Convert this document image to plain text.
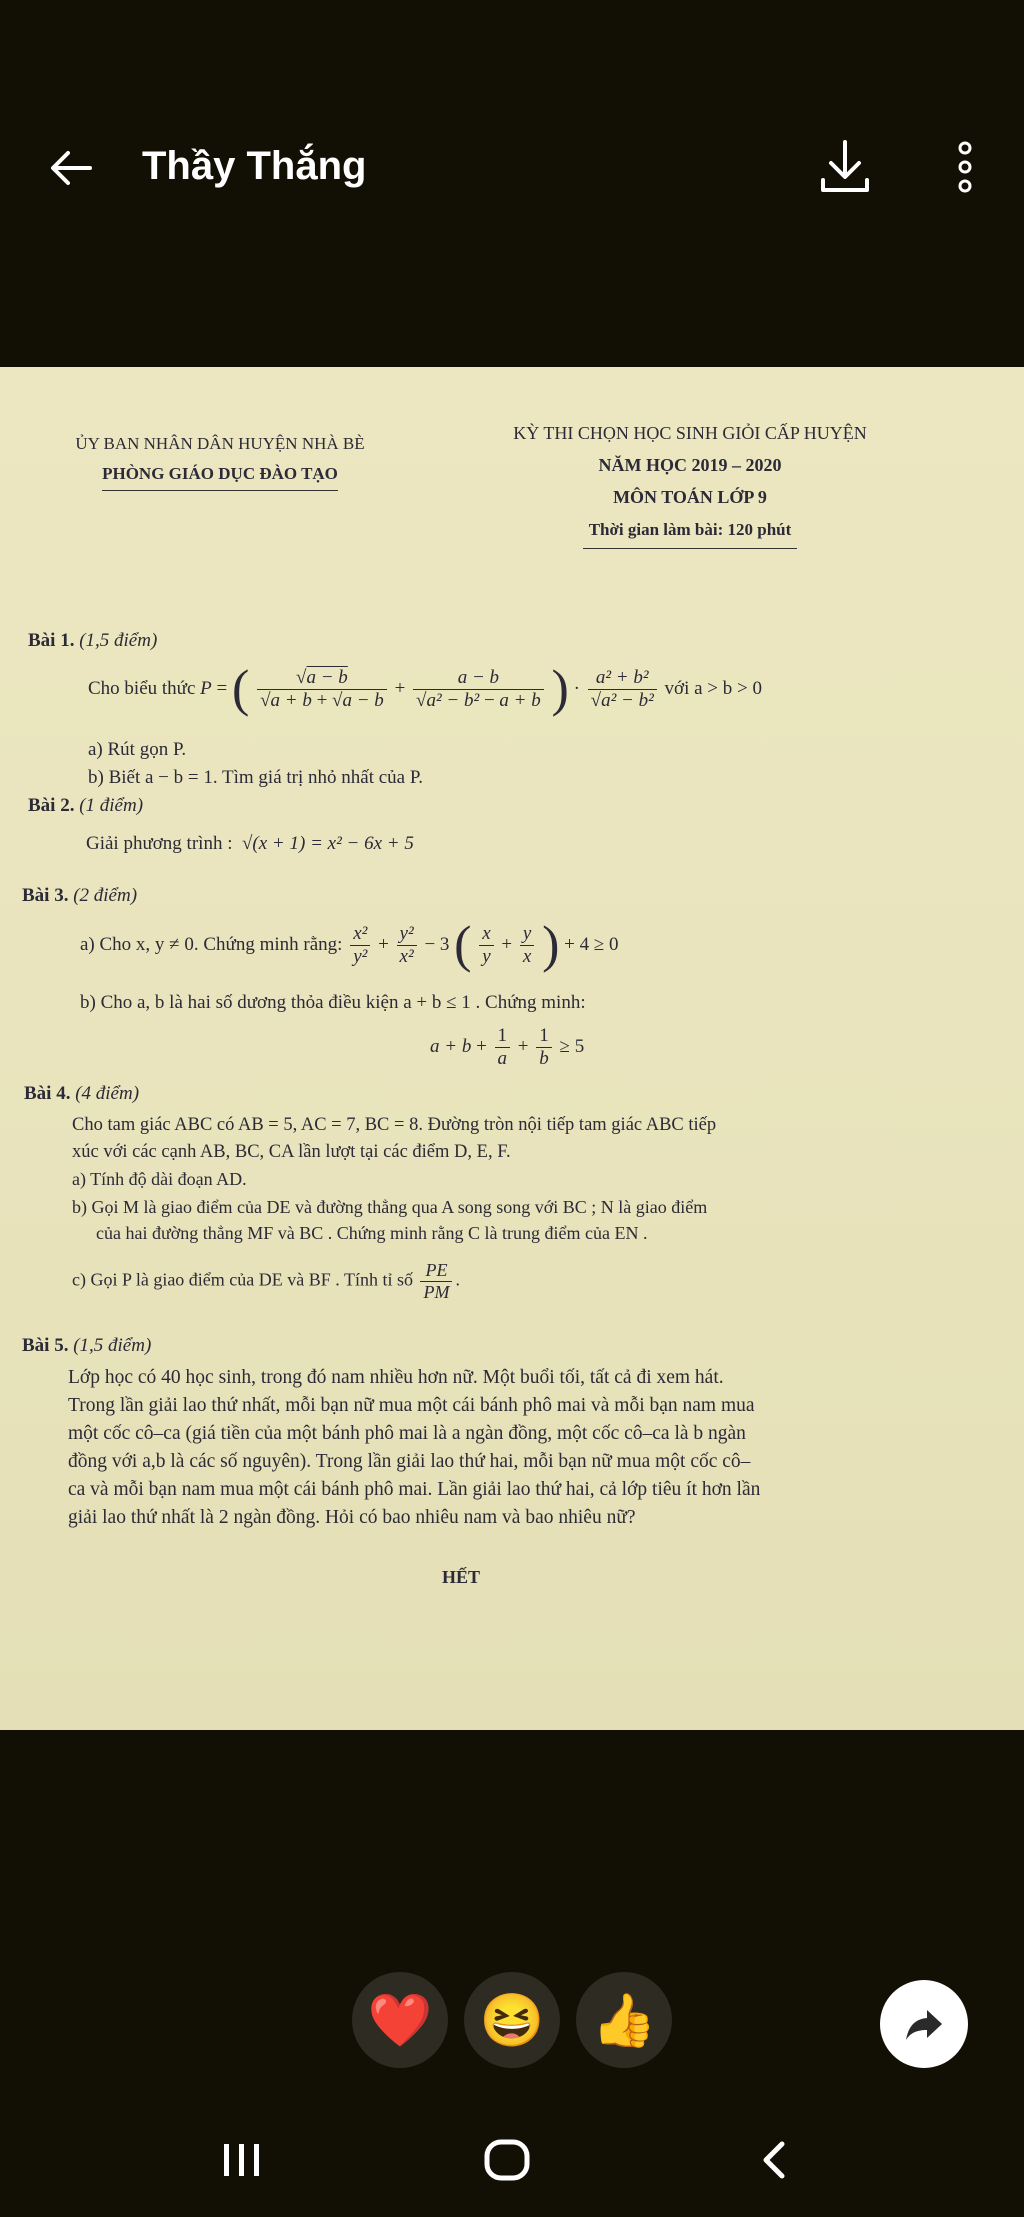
Thầy Thắng
ỦY BAN NHÂN DÂN HUYỆN NHÀ BÈ
PHÒNG GIÁO DỤC ĐÀO TẠO
KỲ THI CHỌN HỌC SINH GIỎI CẤP HUYỆN
NĂM HỌC 2019 – 2020
MÔN TOÁN LỚP 9
Thời gian làm bài: 120 phút
Bài 1. (1,5 điểm)
Cho biểu thức P = ( $\frac{√a - b}{√a + b + √a - b} + \frac{a - b}{\text{√a² − b² − a + b}}$ ) · $\frac{\text{a² + b²}}{\text{√a² − b²}}$ với a > b > 0
a) Rút gọn P.
b) Biết a − b = 1. Tìm giá trị nhỏ nhất của P.
Bài 2. (1 điểm)
Giải phương trình : √(x + 1) = x² − 6x + 5
Bài 3. (2 điểm)
a) Cho x, y ≠ 0. Chứng minh rằng: $\frac{\text{x²}}{\text{y²}} + \frac{\text{y²}}{\text{x²}} - 3$ ( $\frac{x}{y} + \frac{y}{x}$ ) + 4 ≥ 0
b) Cho a, b là hai số dương thỏa điều kiện a + b ≤ 1 . Chứng minh:
$a + b + \frac{1}{a} + \frac{1}{b} \ge 5$
Bài 4. (4 điểm)
Cho tam giác ABC có AB = 5, AC = 7, BC = 8. Đường tròn nội tiếp tam giác ABC tiếp
xúc với các cạnh AB, BC, CA lần lượt tại các điểm D, E, F.
a) Tính độ dài đoạn AD.
b) Gọi M là giao điểm của DE và đường thẳng qua A song song với BC ; N là giao điểm
của hai đường thẳng MF và BC . Chứng minh rằng C là trung điểm của EN .
c) Gọi P là giao điểm của DE và BF . Tính tỉ số $\frac{PE}{PM}$ .
Bài 5. (1,5 điểm)
Lớp học có 40 học sinh, trong đó nam nhiều hơn nữ. Một buổi tối, tất cả đi xem hát.
Trong lần giải lao thứ nhất, mỗi bạn nữ mua một cái bánh phô mai và mỗi bạn nam mua
một cốc cô–ca (giá tiền của một bánh phô mai là a ngàn đồng, một cốc cô–ca là b ngàn
đồng với a,b là các số nguyên). Trong lần giải lao thứ hai, mỗi bạn nữ mua một cốc cô–
ca và mỗi bạn nam mua một cái bánh phô mai. Lần giải lao thứ hai, cả lớp tiêu ít hơn lần
giải lao thứ nhất là 2 ngàn đồng. Hỏi có bao nhiêu nam và bao nhiêu nữ?
HẾT
❤️ 😆 👍
